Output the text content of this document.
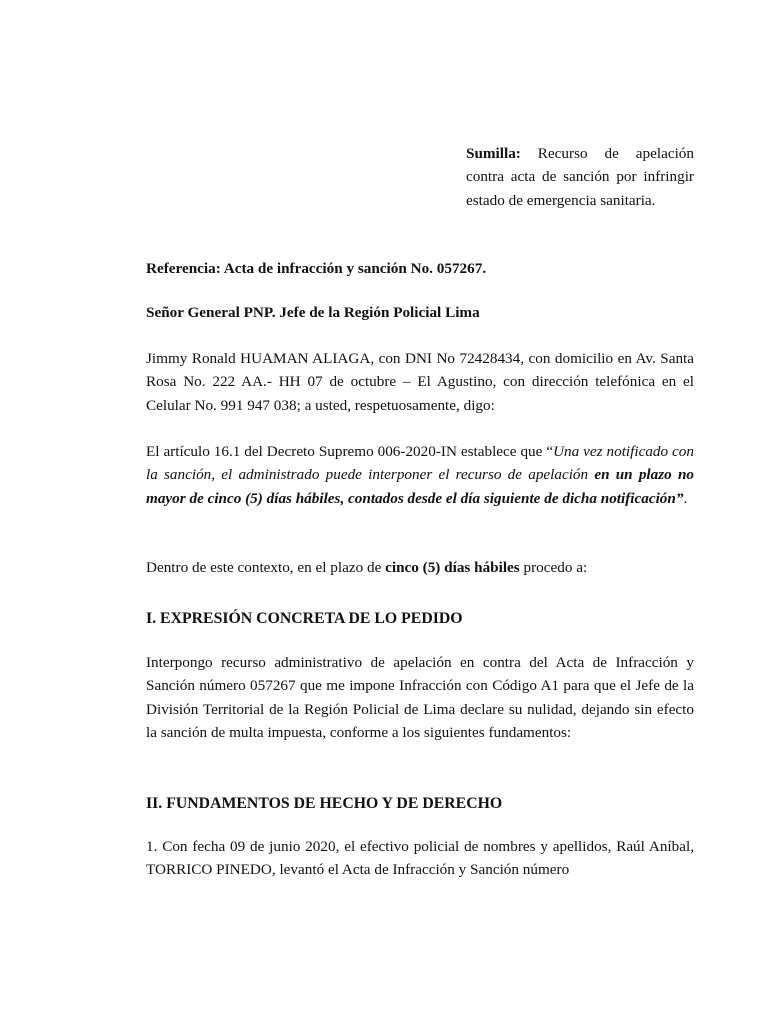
Sumilla: Recurso de apelación contra acta de sanción por infringir estado de emergencia sanitaria.

Referencia: Acta de infracción y sanción No. 057267.

Señor General PNP. Jefe de la Región Policial Lima

Jimmy Ronald HUAMAN ALIAGA, con DNI No 72428434, con domicilio en Av. Santa Rosa No. 222 AA.- HH 07 de octubre – El Agustino, con dirección telefónica en el Celular No. 991 947 038; a usted, respetuosamente, digo:

El artículo 16.1 del Decreto Supremo 006-2020-IN establece que “Una vez notificado con la sanción, el administrado puede interponer el recurso de apelación en un plazo no mayor de cinco (5) días hábiles, contados desde el día siguiente de dicha notificación”.

Dentro de este contexto, en el plazo de cinco (5) días hábiles procedo a:

I. EXPRESIÓN CONCRETA DE LO PEDIDO

Interpongo recurso administrativo de apelación en contra del Acta de Infracción y Sanción número 057267 que me impone Infracción con Código A1 para que el Jefe de la División Territorial de la Región Policial de Lima declare su nulidad, dejando sin efecto la sanción de multa impuesta, conforme a los siguientes fundamentos:

II. FUNDAMENTOS DE HECHO Y DE DERECHO

1. Con fecha 09 de junio 2020, el efectivo policial de nombres y apellidos, Raúl Aníbal, TORRICO PINEDO, levantó el Acta de Infracción y Sanción número
